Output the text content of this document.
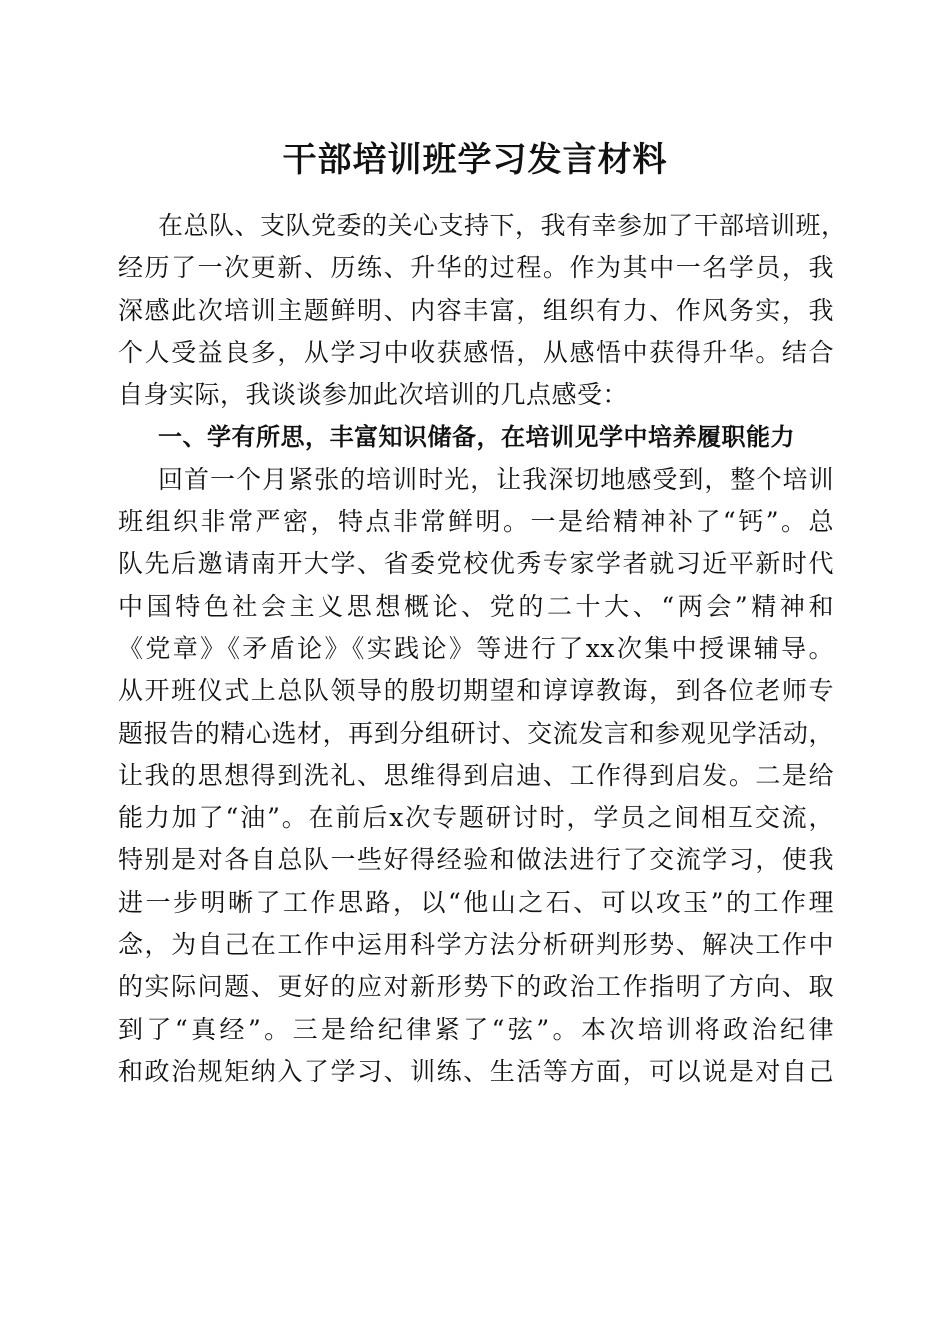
干部培训班学习发言材料
在总队、支队党委的关心支持下，我有幸参加了干部培训班，
经历了一次更新、历练、升华的过程。作为其中一名学员，我
深感此次培训主题鲜明、内容丰富，组织有力、作风务实，我
个人受益良多，从学习中收获感悟，从感悟中获得升华。结合
自身实际，我谈谈参加此次培训的几点感受：
一、学有所思，丰富知识储备，在培训见学中培养履职能力
回首一个月紧张的培训时光，让我深切地感受到，整个培训
班组织非常严密，特点非常鲜明。一是给精神补了“钙”。总
队先后邀请南开大学、省委党校优秀专家学者就习近平新时代
中国特色社会主义思想概论、党的二十大、“两会”精神和
《党章》《矛盾论》《实践论》等进行了xx次集中授课辅导。
从开班仪式上总队领导的殷切期望和谆谆教诲，到各位老师专
题报告的精心选材，再到分组研讨、交流发言和参观见学活动，
让我的思想得到洗礼、思维得到启迪、工作得到启发。二是给
能力加了“油”。在前后x次专题研讨时，学员之间相互交流，
特别是对各自总队一些好得经验和做法进行了交流学习，使我
进一步明晰了工作思路，以“他山之石、可以攻玉”的工作理
念，为自己在工作中运用科学方法分析研判形势、解决工作中
的实际问题、更好的应对新形势下的政治工作指明了方向、取
到了“真经”。三是给纪律紧了“弦”。本次培训将政治纪律
和政治规矩纳入了学习、训练、生活等方面，可以说是对自己
